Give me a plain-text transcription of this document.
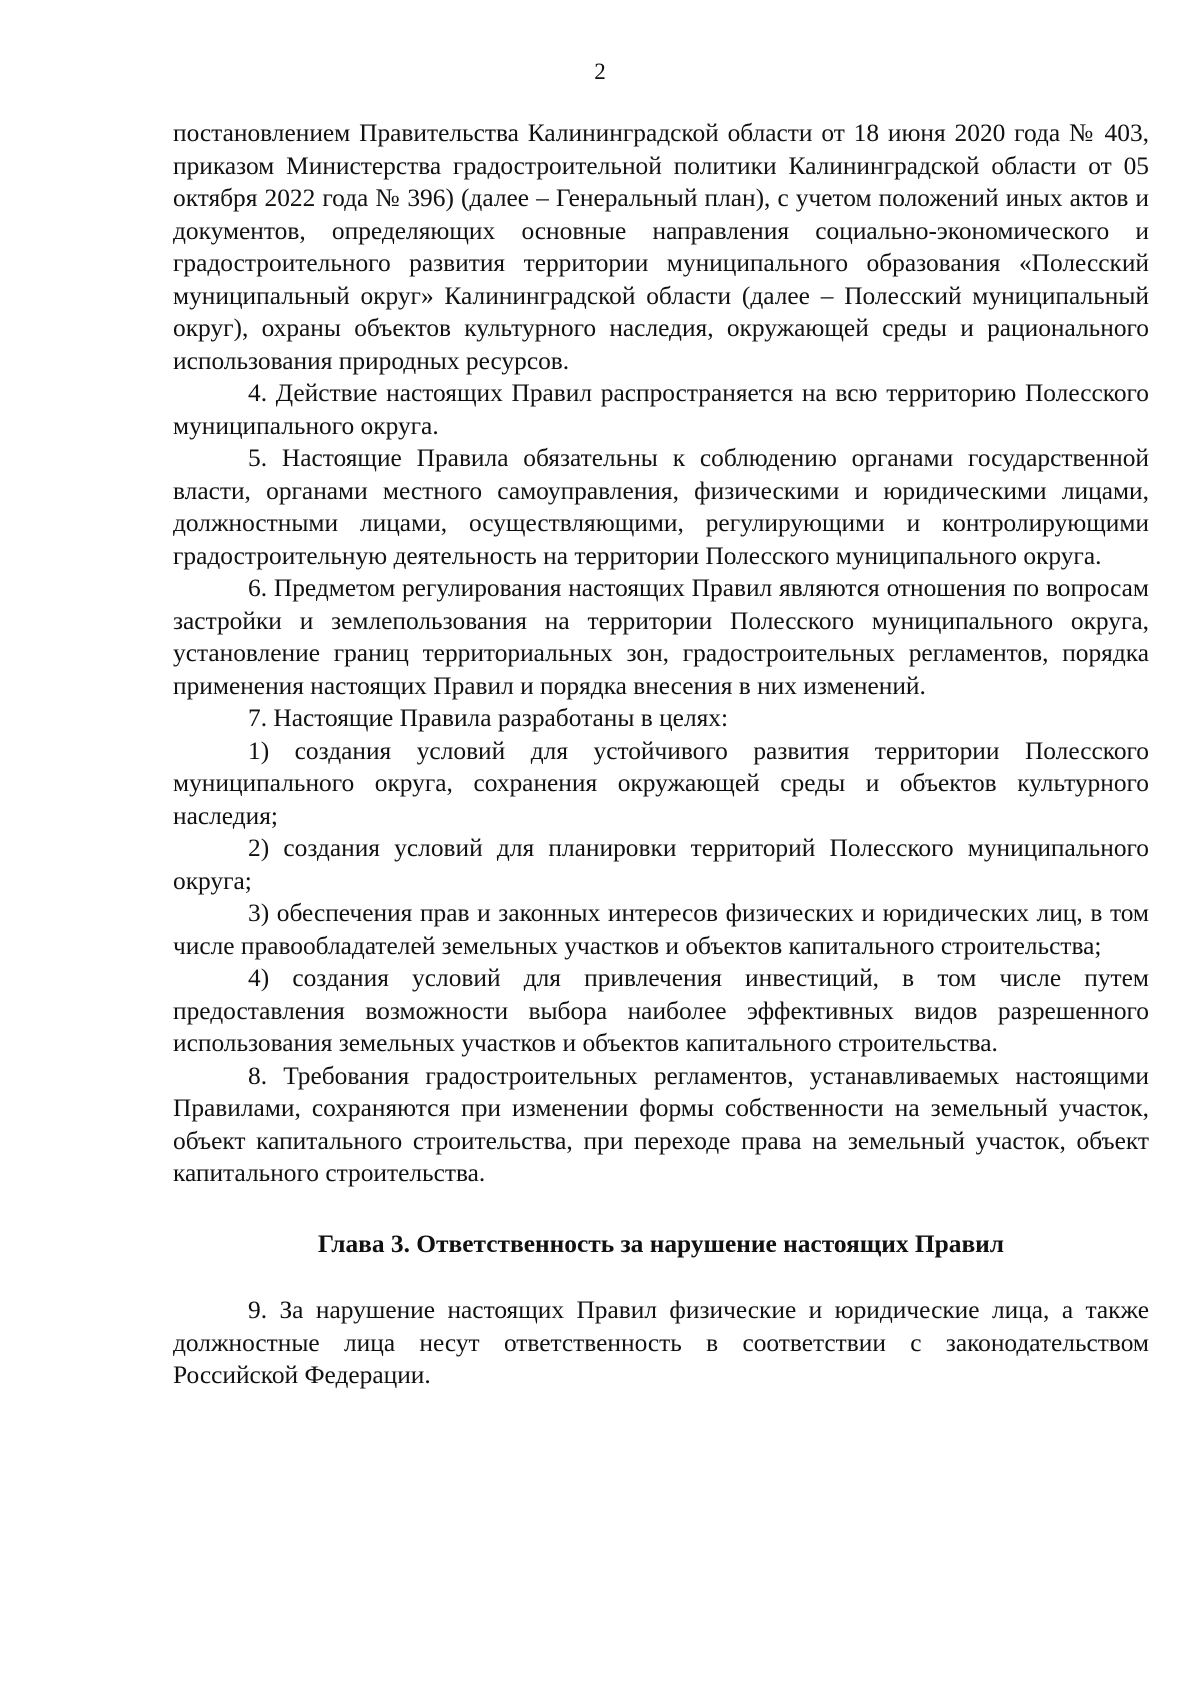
2

постановлением Правительства Калининградской области от 18 июня 2020 года № 403, приказом Министерства градостроительной политики Калининградской области от 05 октября 2022 года № 396) (далее – Генеральный план), с учетом положений иных актов и документов, определяющих основные направления социально-экономического и градостроительного развития территории муниципального образования «Полесский муниципальный округ» Калининградской области (далее – Полесский муниципальный округ), охраны объектов культурного наследия, окружающей среды и рационального использования природных ресурсов.

4. Действие настоящих Правил распространяется на всю территорию Полесского муниципального округа.

5. Настоящие Правила обязательны к соблюдению органами государственной власти, органами местного самоуправления, физическими и юридическими лицами, должностными лицами, осуществляющими, регулирующими и контролирующими градостроительную деятельность на территории Полесского муниципального округа.

6. Предметом регулирования настоящих Правил являются отношения по вопросам застройки и землепользования на территории Полесского муниципального округа, установление границ территориальных зон, градостроительных регламентов, порядка применения настоящих Правил и порядка внесения в них изменений.

7. Настоящие Правила разработаны в целях:

1) создания условий для устойчивого развития территории Полесского муниципального округа, сохранения окружающей среды и объектов культурного наследия;

2) создания условий для планировки территорий Полесского муниципального округа;

3) обеспечения прав и законных интересов физических и юридических лиц, в том числе правообладателей земельных участков и объектов капитального строительства;

4) создания условий для привлечения инвестиций, в том числе путем предоставления возможности выбора наиболее эффективных видов разрешенного использования земельных участков и объектов капитального строительства.

8. Требования градостроительных регламентов, устанавливаемых настоящими Правилами, сохраняются при изменении формы собственности на земельный участок, объект капитального строительства, при переходе права на земельный участок, объект капитального строительства.

Глава 3. Ответственность за нарушение настоящих Правил

9. За нарушение настоящих Правил физические и юридические лица, а также должностные лица несут ответственность в соответствии с законодательством Российской Федерации.
